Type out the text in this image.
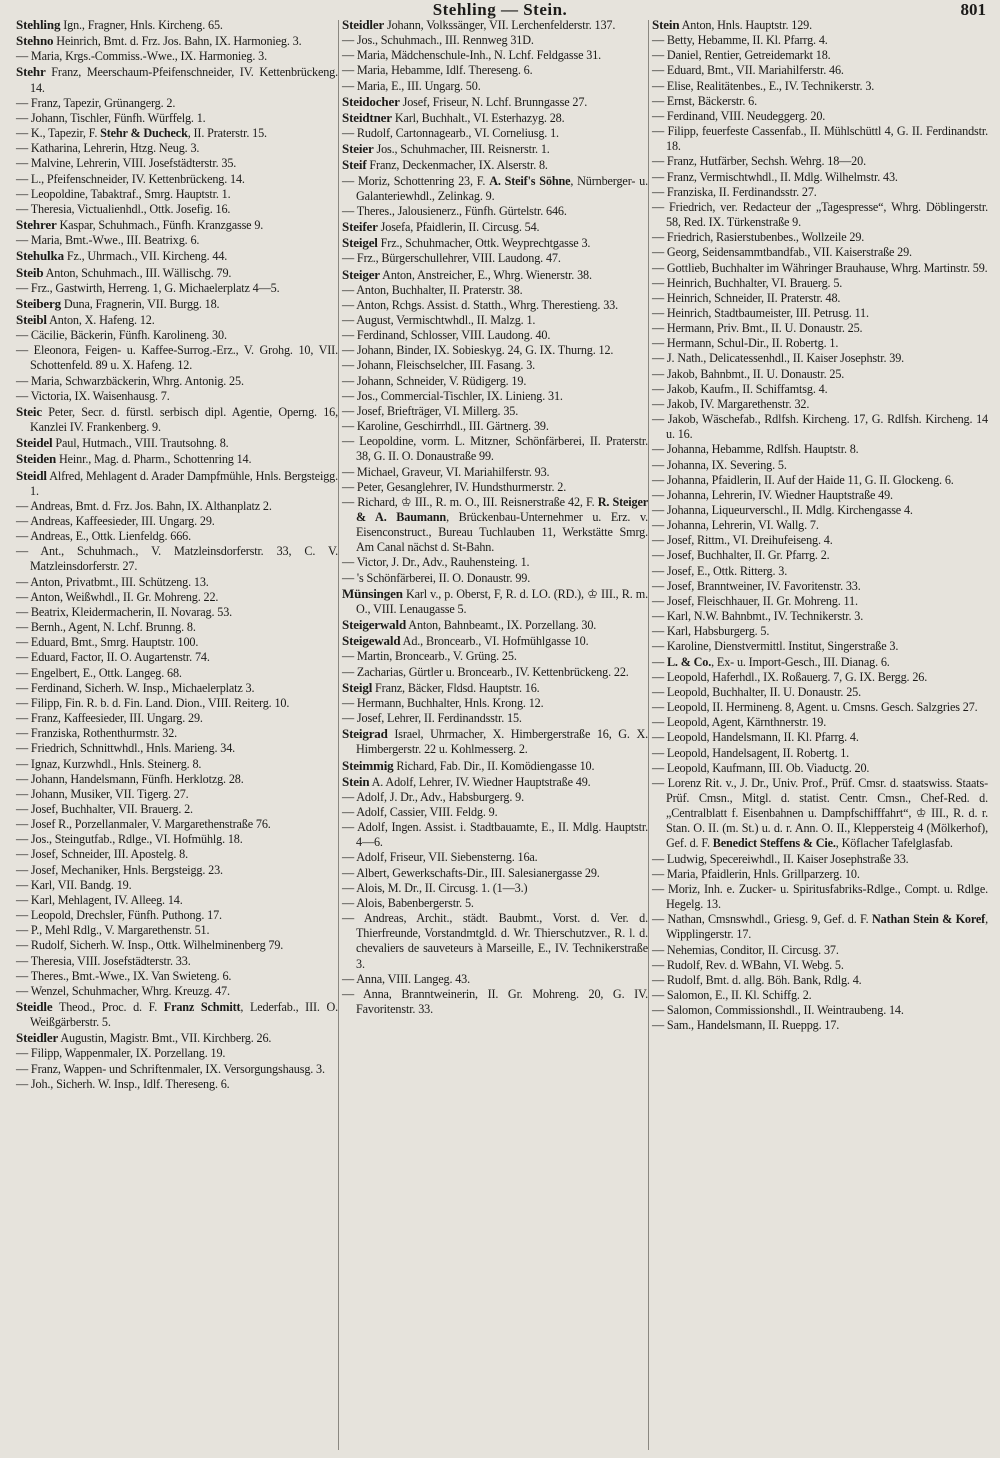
Stehling — Stein.	801
Stehling Ign., Fragner, Hnls. Kircheng. 65.
Stehno Heinrich, Bmt. d. Frz. Jos. Bahn, IX. Harmonieg. 3.
— Maria, Krgs.-Commiss.-Wwe., IX. Harmonieg. 3.
Stehr Franz, Meerschaum-Pfeifenschneider, IV. Kettenbrückeng. 14.
— Franz, Tapezir, Grünangerg. 2.
— Johann, Tischler, Fünfh. Würffelg. 1.
— K., Tapezir, F. Stehr & Ducheck, II. Praterstr. 15.
— Katharina, Lehrerin, Htzg. Neug. 3.
— Malvine, Lehrerin, VIII. Josefstädterstr. 35.
— L., Pfeifenschneider, IV. Kettenbrückeng. 14.
— Leopoldine, Tabaktraf., Smrg. Hauptstr. 1.
— Theresia, Victualienhdl., Ottk. Josefig. 16.
Stehrer Kaspar, Schuhmach., Fünfh. Kranzgasse 9.
— Maria, Bmt.-Wwe., III. Beatrixg. 6.
Stehulka Fz., Uhrmach., VII. Kircheng. 44.
Steib Anton, Schuhmach., III. Wällischg. 79.
— Frz., Gastwirth, Herreng. 1, G. Michaelerplatz 4—5.
Steiberg Duna, Fragnerin, VII. Burgg. 18.
Steibl Anton, X. Hafeng. 12.
— Cäcilie, Bäckerin, Fünfh. Karolineng. 30.
— Eleonora, Feigen- u. Kaffee-Surrog.-Erz., V. Grohg. 10, VII. Schottenfeld. 89 u. X. Hafeng. 12.
— Maria, Schwarzbäckerin, Whrg. Antonig. 25.
— Victoria, IX. Waisenhausg. 7.
Steic Peter, Secr. d. fürstl. serbisch dipl. Agentie, Operng. 16, Kanzlei IV. Frankenberg. 9.
Steidel Paul, Hutmach., VIII. Trautsohng. 8.
Steiden Heinr., Mag. d. Pharm., Schottenring 14.
Steidl Alfred, Mehlagent d. Arader Dampfmühle, Hnls. Bergsteigg. 1.
— Andreas, Bmt. d. Frz. Jos. Bahn, IX. Althanplatz 2.
— Andreas, Kaffeesieder, III. Ungarg. 29.
— Andreas, E., Ottk. Lienfeldg. 666.
— Ant., Schuhmach., V. Matzleinsdorferstr. 33, C. V. Matzleinsdorferstr. 27.
— Anton, Privatbmt., III. Schützeng. 13.
— Anton, Weißwhdl., II. Gr. Mohreng. 22.
— Beatrix, Kleidermacherin, II. Novarag. 53.
— Bernh., Agent, N. Lchf. Brunng. 8.
— Eduard, Bmt., Smrg. Hauptstr. 100.
— Eduard, Factor, II. O. Augartenstr. 74.
— Engelbert, E., Ottk. Langeg. 68.
— Ferdinand, Sicherh. W. Insp., Michaelerplatz 3.
— Filipp, Fin. R. b. d. Fin. Land. Dion., VIII. Reiterg. 10.
— Franz, Kaffeesieder, III. Ungarg. 29.
— Franziska, Rothenthurmstr. 32.
— Friedrich, Schnittwhdl., Hnls. Marieng. 34.
— Ignaz, Kurzwhdl., Hnls. Steinerg. 8.
— Johann, Handelsmann, Fünfh. Herklotzg. 28.
— Johann, Musiker, VII. Tigerg. 27.
— Josef, Buchhalter, VII. Brauerg. 2.
— Josef R., Porzellanmaler, V. Margarethenstraße 76.
— Jos., Steingutfab., Rdlge., VI. Hofmühlg. 18.
— Josef, Schneider, III. Apostelg. 8.
— Josef, Mechaniker, Hnls. Bergsteigg. 23.
— Karl, VII. Bandg. 19.
— Karl, Mehlagent, IV. Alleeg. 14.
— Leopold, Drechsler, Fünfh. Puthong. 17.
— P., Mehl Rdlg., V. Margarethenstr. 51.
— Rudolf, Sicherh. W. Insp., Ottk. Wilhelminenberg 79.
— Theresia, VIII. Josefstädterstr. 33.
— Theres., Bmt.-Wwe., IX. Van Swieteng. 6.
— Wenzel, Schuhmacher, Whrg. Kreuzg. 47.
Steidle Theod., Proc. d. F. Franz Schmitt, Lederfab., III. O. Weißgärberstr. 5.
Steidler Augustin, Magistr. Bmt., VII. Kirchberg. 26.
— Filipp, Wappenmaler, IX. Porzellang. 19.
— Franz, Wappen- und Schriftenmaler, IX. Versorgungshausg. 3.
— Joh., Sicherh. W. Insp., Idlf. Thereseng. 6.
Steidler Johann, Volkssänger, VII. Lerchenfelderstr. 137.
— Jos., Schuhmach., III. Rennweg 31D.
— Maria, Mädchenschule-Inh., N. Lchf. Feldgasse 31.
— Maria, Hebamme, Idlf. Thereseng. 6.
— Maria, E., III. Ungarg. 50.
Steidocher Josef, Friseur, N. Lchf. Brunngasse 27.
Steidtner Karl, Buchhalt., VI. Esterhazyg. 28.
— Rudolf, Cartonnagearb., VI. Corneliusg. 1.
Steier Jos., Schuhmacher, III. Reisnerstr. 1.
Steif Franz, Deckenmacher, IX. Alserstr. 8.
— Moriz, Schottenring 23, F. A. Steif's Söhne, Nürnberger- u. Galanteriewhdl., Zelinkag. 9.
— Theres., Jalousienerz., Fünfh. Gürtelstr. 646.
Steifer Josefa, Pfaidlerin, II. Circusg. 54.
Steigel Frz., Schuhmacher, Ottk. Weyprechtgasse 3.
— Frz., Bürgerschullehrer, VIII. Laudong. 47.
Steiger Anton, Anstreicher, E., Whrg. Wienerstr. 38.
— Anton, Buchhalter, II. Praterstr. 38.
— Anton, Rchgs. Assist. d. Statth., Whrg. Therestieng. 33.
— August, Vermischtwhdl., II. Malzg. 1.
— Ferdinand, Schlosser, VIII. Laudong. 40.
— Johann, Binder, IX. Sobieskyg. 24, G. IX. Thurng. 12.
— Johann, Fleischselcher, III. Fasang. 3.
— Johann, Schneider, V. Rüdigerg. 19.
— Jos., Commercial-Tischler, IX. Linieng. 31.
— Josef, Briefträger, VI. Millerg. 35.
— Karoline, Geschirrhdl., III. Gärtnerg. 39.
— Leopoldine, vorm. L. Mitzner, Schönfärberei, II. Praterstr. 38, G. II. O. Donaustraße 99.
— Michael, Graveur, VI. Mariahilferstr. 93.
— Peter, Gesanglehrer, IV. Hundsthurmerstr. 2.
— Richard, ♔ III., R. m. O., III. Reisnerstraße 42, F. R. Steiger & A. Baumann, Brückenbau-Unternehmer u. Erz. v. Eisenconstruct., Bureau Tuchlauben 11, Werkstätte Smrg. Am Canal nächst d. St-Bahn.
— Victor, J. Dr., Adv., Rauhensteing. 1.
— 's Schönfärberei, II. O. Donaustr. 99.
Münsingen Karl v., p. Oberst, F, R. d. LO. (RD.), ♔ III., R. m. O., VIII. Lenaugasse 5.
Steigerwald Anton, Bahnbeamt., IX. Porzellang. 30.
Steigewald Ad., Broncearb., VI. Hofmühlgasse 10.
— Martin, Broncearb., V. Grüng. 25.
— Zacharias, Gürtler u. Broncearb., IV. Kettenbrückeng. 22.
Steigl Franz, Bäcker, Fldsd. Hauptstr. 16.
— Hermann, Buchhalter, Hnls. Krong. 12.
— Josef, Lehrer, II. Ferdinandsstr. 15.
Steigrad Israel, Uhrmacher, X. Himbergerstraße 16, G. X. Himbergerstr. 22 u. Kohlmesserg. 2.
Steimmig Richard, Fab. Dir., II. Komödiengasse 10.
Stein A. Adolf, Lehrer, IV. Wiedner Hauptstraße 49.
— Adolf, J. Dr., Adv., Habsburgerg. 9.
— Adolf, Cassier, VIII. Feldg. 9.
— Adolf, Ingen. Assist. i. Stadtbauamte, E., II. Mdlg. Hauptstr. 4—6.
— Adolf, Friseur, VII. Siebensterng. 16a.
— Albert, Gewerkschafts-Dir., III. Salesianergasse 29.
— Alois, M. Dr., II. Circusg. 1. (1—3.)
— Alois, Babenbergerstr. 5.
— Andreas, Archit., städt. Baubmt., Vorst. d. Ver. d. Thierfreunde, Vorstandmtgld. d. Wr. Thierschutzver., R. l. d. chevaliers de sauveteurs à Marseille, E., IV. Technikerstraße 3.
— Anna, VIII. Langeg. 43.
— Anna, Branntweinerin, II. Gr. Mohreng. 20, G. IV. Favoritenstr. 33.
Stein Anton, Hnls. Hauptstr. 129.
— Betty, Hebamme, II. Kl. Pfarrg. 4.
— Daniel, Rentier, Getreidemarkt 18.
— Eduard, Bmt., VII. Mariahilferstr. 46.
— Elise, Realitätenbes., E., IV. Technikerstr. 3.
— Ernst, Bäckerstr. 6.
— Ferdinand, VIII. Neudeggerg. 20.
— Filipp, feuerfeste Cassenfab., II. Mühlschüttl 4, G. II. Ferdinandstr. 18.
— Franz, Hutfärber, Sechsh. Wehrg. 18—20.
— Franz, Vermischtwhdl., II. Mdlg. Wilhelmstr. 43.
— Franziska, II. Ferdinandsstr. 27.
— Friedrich, ver. Redacteur der „Tagespresse“, Whrg. Döblingerstr. 58, Red. IX. Türkenstraße 9.
— Friedrich, Rasierstubenbes., Wollzeile 29.
— Georg, Seidensammtbandfab., VII. Kaiserstraße 29.
— Gottlieb, Buchhalter im Währinger Brauhause, Whrg. Martinstr. 59.
— Heinrich, Buchhalter, VI. Brauerg. 5.
— Heinrich, Schneider, II. Praterstr. 48.
— Heinrich, Stadtbaumeister, III. Petrusg. 11.
— Hermann, Priv. Bmt., II. U. Donaustr. 25.
— Hermann, Schul-Dir., II. Robertg. 1.
— J. Nath., Delicatessenhdl., II. Kaiser Josephstr. 39.
— Jakob, Bahnbmt., II. U. Donaustr. 25.
— Jakob, Kaufm., II. Schiffamtsg. 4.
— Jakob, IV. Margarethenstr. 32.
— Jakob, Wäschefab., Rdlfsh. Kircheng. 17, G. Rdlfsh. Kircheng. 14 u. 16.
— Johanna, Hebamme, Rdlfsh. Hauptstr. 8.
— Johanna, IX. Severing. 5.
— Johanna, Pfaidlerin, II. Auf der Haide 11, G. II. Glockeng. 6.
— Johanna, Lehrerin, IV. Wiedner Hauptstraße 49.
— Johanna, Liqueurverschl., II. Mdlg. Kirchengasse 4.
— Johanna, Lehrerin, VI. Wallg. 7.
— Josef, Rittm., VI. Dreihufeiseng. 4.
— Josef, Buchhalter, II. Gr. Pfarrg. 2.
— Josef, E., Ottk. Ritterg. 3.
— Josef, Branntweiner, IV. Favoritenstr. 33.
— Josef, Fleischhauer, II. Gr. Mohreng. 11.
— Karl, N.W. Bahnbmt., IV. Technikerstr. 3.
— Karl, Habsburgerg. 5.
— Karoline, Dienstvermittl. Institut, Singerstraße 3.
— L. & Co., Ex- u. Import-Gesch., III. Dianag. 6.
— Leopold, Haferhdl., IX. Roßauerg. 7, G. IX. Bergg. 26.
— Leopold, Buchhalter, II. U. Donaustr. 25.
— Leopold, II. Hermineng. 8, Agent. u. Cmsns. Gesch. Salzgries 27.
— Leopold, Agent, Kärnthnerstr. 19.
— Leopold, Handelsmann, II. Kl. Pfarrg. 4.
— Leopold, Handelsagent, II. Robertg. 1.
— Leopold, Kaufmann, III. Ob. Viaductg. 20.
— Lorenz Rit. v., J. Dr., Univ. Prof., Prüf. Cmsr. d. staatswiss. Staats-Prüf. Cmsn., Mitgl. d. statist. Centr. Cmsn., Chef-Red. d. „Centralblatt f. Eisenbahnen u. Dampfschifffahrt“, ♔ III., R. d. r. Stan. O. II. (m. St.) u. d. r. Ann. O. II., Kleppersteig 4 (Mölkerhof), Gef. d. F. Benedict Steffens & Cie., Köflacher Tafelglasfab.
— Ludwig, Specereiwhdl., II. Kaiser Josephstraße 33.
— Maria, Pfaidlerin, Hnls. Grillparzerg. 10.
— Moriz, Inh. e. Zucker- u. Spiritusfabriks-Rdlge., Compt. u. Rdlge. Hegelg. 13.
— Nathan, Cmsnswhdl., Griesg. 9, Gef. d. F. Nathan Stein & Koref, Wipplingerstr. 17.
— Nehemias, Conditor, II. Circusg. 37.
— Rudolf, Rev. d. WBahn, VI. Webg. 5.
— Rudolf, Bmt. d. allg. Böh. Bank, Rdlg. 4.
— Salomon, E., II. Kl. Schiffg. 2.
— Salomon, Commissionshdl., II. Weintraubeng. 14.
— Sam., Handelsmann, II. Rueppg. 17.
